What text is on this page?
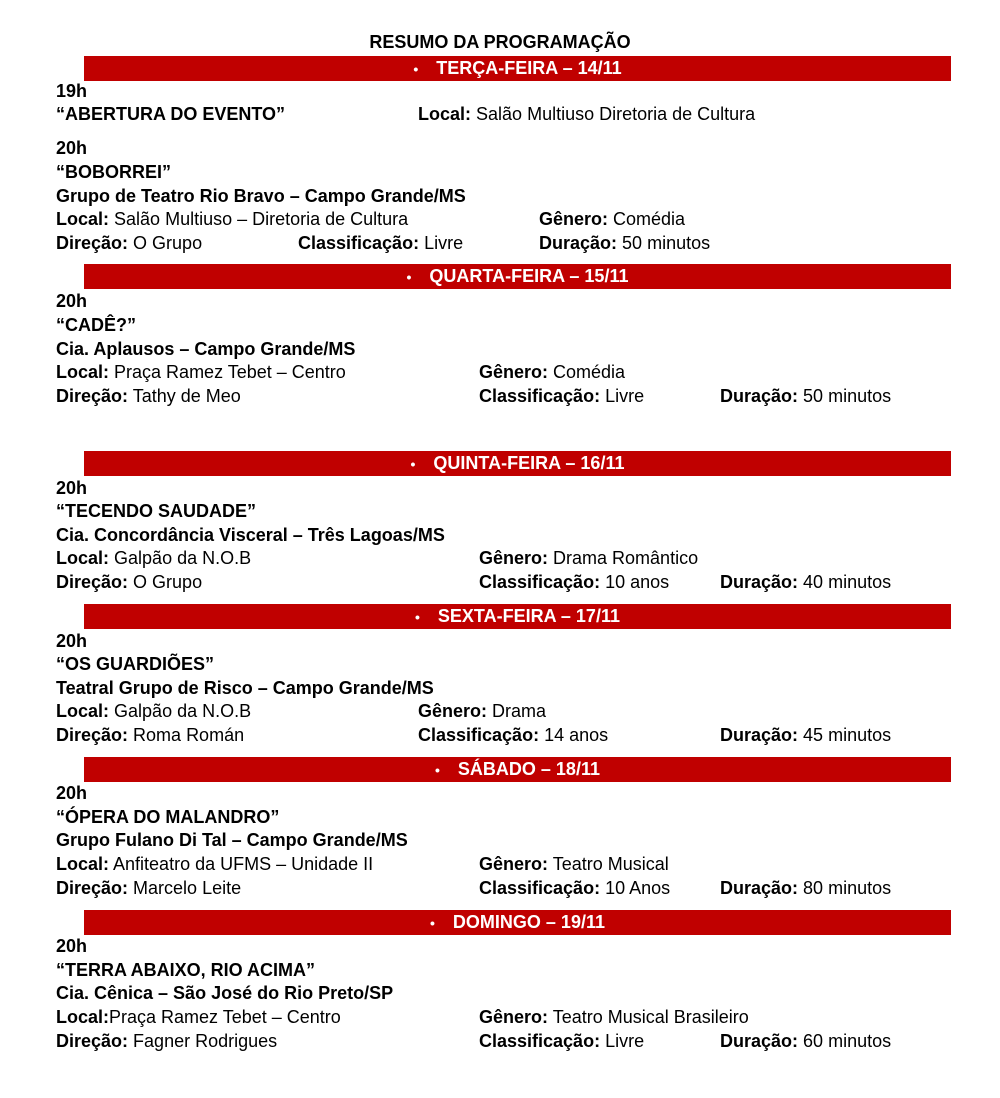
RESUMO DA PROGRAMAÇÃO
• TERÇA-FEIRA – 14/11
19h
“ABERTURA DO EVENTO”	Local: Salão Multiuso Diretoria de Cultura
20h
“BOBORREI”
Grupo de Teatro Rio Bravo – Campo Grande/MS
Local: Salão Multiuso – Diretoria de Cultura	Gênero: Comédia
Direção: O Grupo	Classificação: Livre	Duração: 50 minutos
• QUARTA-FEIRA – 15/11
20h
“CADÊ?”
Cia. Aplausos – Campo Grande/MS
Local: Praça Ramez Tebet – Centro	Gênero: Comédia
Direção: Tathy de Meo	Classificação: Livre	Duração: 50 minutos
• QUINTA-FEIRA – 16/11
20h
“TECENDO SAUDADE”
Cia. Concordância Visceral – Três Lagoas/MS
Local: Galpão da N.O.B	Gênero: Drama Romântico
Direção: O Grupo	Classificação: 10 anos	Duração: 40 minutos
• SEXTA-FEIRA – 17/11
20h
“OS GUARDIÕES”
Teatral Grupo de Risco – Campo Grande/MS
Local: Galpão da N.O.B	Gênero: Drama
Direção: Roma Román	Classificação: 14 anos	Duração: 45 minutos
• SÁBADO – 18/11
20h
“ÓPERA DO MALANDRO”
Grupo Fulano Di Tal – Campo Grande/MS
Local: Anfiteatro da UFMS – Unidade II	Gênero: Teatro Musical
Direção: Marcelo Leite	Classificação: 10 Anos	Duração: 80 minutos
• DOMINGO – 19/11
20h
“TERRA ABAIXO, RIO ACIMA”
Cia. Cênica – São José do Rio Preto/SP
Local:Praça Ramez Tebet – Centro	Gênero: Teatro Musical Brasileiro
Direção: Fagner Rodrigues	Classificação: Livre	Duração: 60 minutos
